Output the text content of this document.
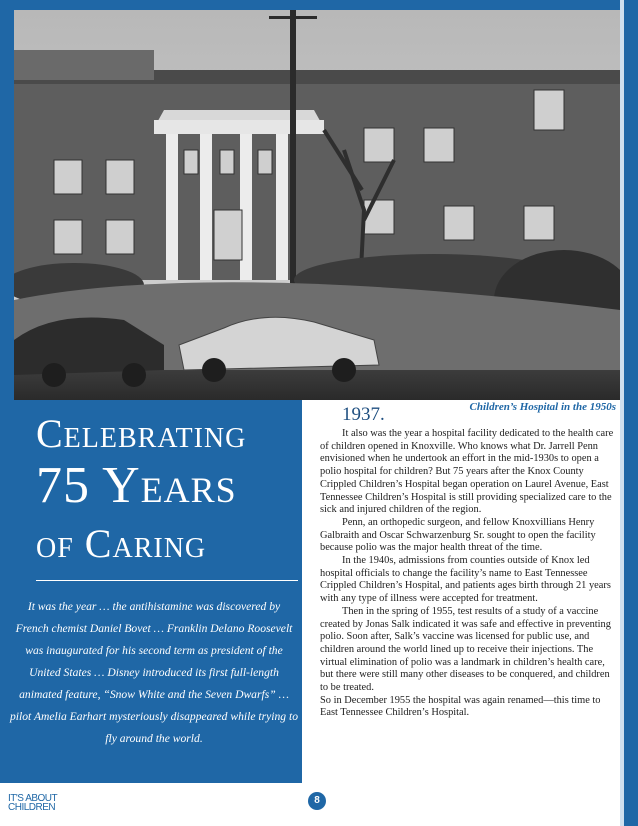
Children’s Hospital in the 1950s
Celebrating
75 Years
of Caring
It was the year … the antihistamine was discovered by French chemist Daniel Bovet … Franklin Delano Roosevelt was inaugurated for his second term as president of the United States … Disney introduced its first full-length animated feature, “Snow White and the Seven Dwarfs” … pilot Amelia Earhart mysteriously disappeared while trying to fly around the world.
1937.

It also was the year a hospital facility dedicated to the health care of children opened in Knoxville. Who knows what Dr. Jarrell Penn envisioned when he undertook an effort in the mid-1930s to open a polio hospital for children? But 75 years after the Knox County Crippled Children’s Hospital began operation on Laurel Avenue, East Tennessee Children’s Hospital is still providing specialized care to the sick and injured children of the region.

Penn, an orthopedic surgeon, and fellow Knoxvillians Henry Galbraith and Oscar Schwarzenburg Sr. sought to open the facility because polio was the major health threat of the time.

In the 1940s, admissions from counties outside of Knox led hospital officials to change the facility’s name to East Tennessee Crippled Children’s Hospital, and patients ages birth through 21 years with any type of illness were accepted for treatment.

Then in the spring of 1955, test results of a study of a vaccine created by Jonas Salk indicated it was safe and effective in preventing polio. Soon after, Salk’s vaccine was licensed for public use, and children around the world lined up to receive their injections. The virtual elimination of polio was a landmark in children’s health care, but there were still many other diseases to be conquered, and children to be treated.

So in December 1955 the hospital was again renamed—this time to East Tennessee Children’s Hospital.

IT'S ABOUT
CHILDREN
8
